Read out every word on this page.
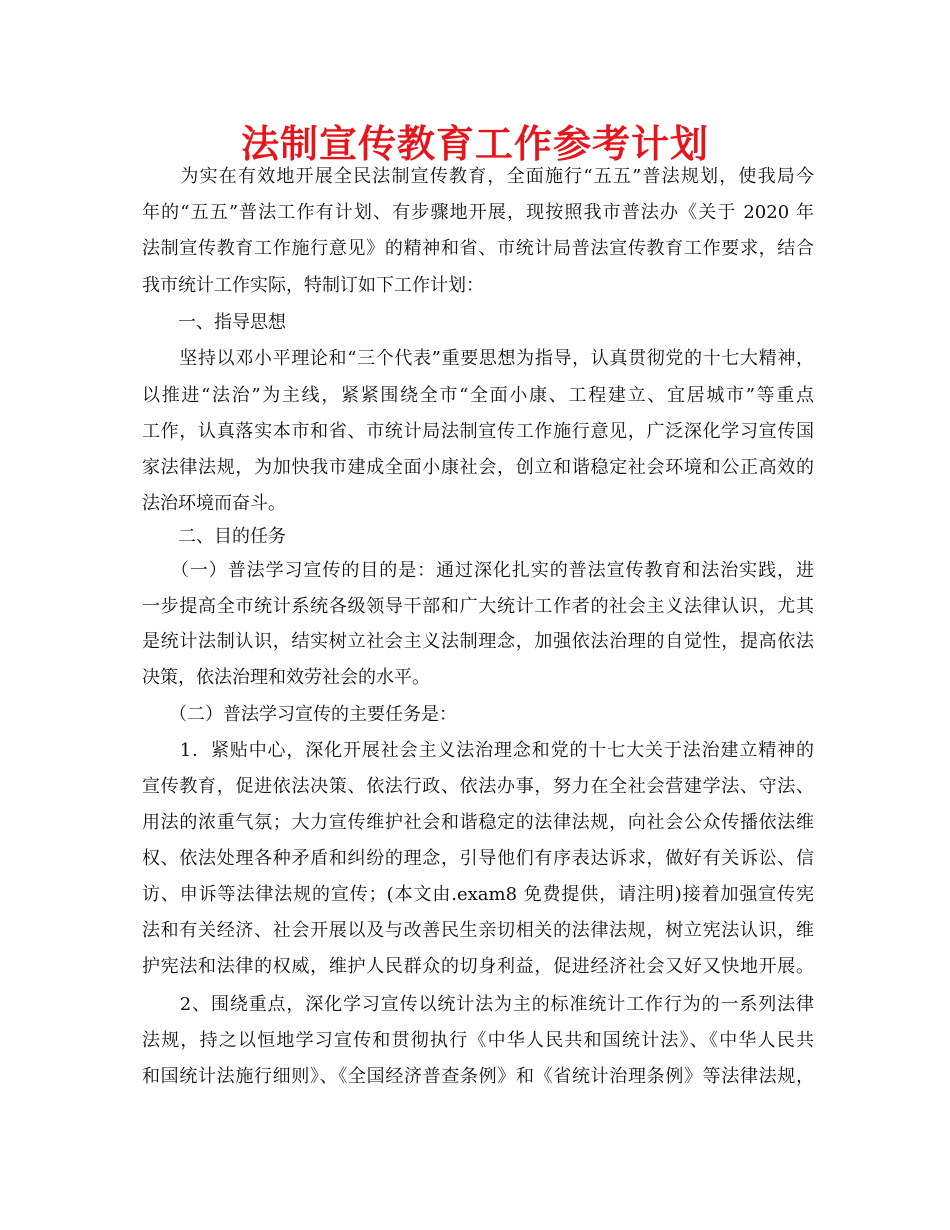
法制宣传教育工作参考计划

　　为实在有效地开展全民法制宣传教育，全面施行“五五”普法规划，使我局今

年的“五五”普法工作有计划、有步骤地开展，现按照我市普法办《关于 2020 年

法制宣传教育工作施行意见》的精神和省、市统计局普法宣传教育工作要求，结合

我市统计工作实际，特制订如下工作计划：

　　一、指导思想

　　坚持以邓小平理论和“三个代表”重要思想为指导，认真贯彻党的十七大精神，

以推进“法治”为主线，紧紧围绕全市“全面小康、工程建立、宜居城市”等重点

工作，认真落实本市和省、市统计局法制宣传工作施行意见，广泛深化学习宣传国

家法律法规，为加快我市建成全面小康社会，创立和谐稳定社会环境和公正高效的

法治环境而奋斗。

　　二、目的任务

　　（一）普法学习宣传的目的是：通过深化扎实的普法宣传教育和法治实践，进

一步提高全市统计系统各级领导干部和广大统计工作者的社会主义法律认识，尤其

是统计法制认识，结实树立社会主义法制理念，加强依法治理的自觉性，提高依法

决策，依法治理和效劳社会的水平。

　　（二）普法学习宣传的主要任务是：

　　1．紧贴中心，深化开展社会主义法治理念和党的十七大关于法治建立精神的

宣传教育，促进依法决策、依法行政、依法办事，努力在全社会营建学法、守法、

用法的浓重气氛；大力宣传维护社会和谐稳定的法律法规，向社会公众传播依法维

权、依法处理各种矛盾和纠纷的理念，引导他们有序表达诉求，做好有关诉讼、信

访、申诉等法律法规的宣传；(本文由.exam8 免费提供，请注明)接着加强宣传宪

法和有关经济、社会开展以及与改善民生亲切相关的法律法规，树立宪法认识，维

护宪法和法律的权威，维护人民群众的切身利益，促进经济社会又好又快地开展。

　　2、围绕重点，深化学习宣传以统计法为主的标准统计工作行为的一系列法律

法规，持之以恒地学习宣传和贯彻执行《中华人民共和国统计法》、《中华人民共

和国统计法施行细则》、《全国经济普查条例》和《省统计治理条例》等法律法规，
